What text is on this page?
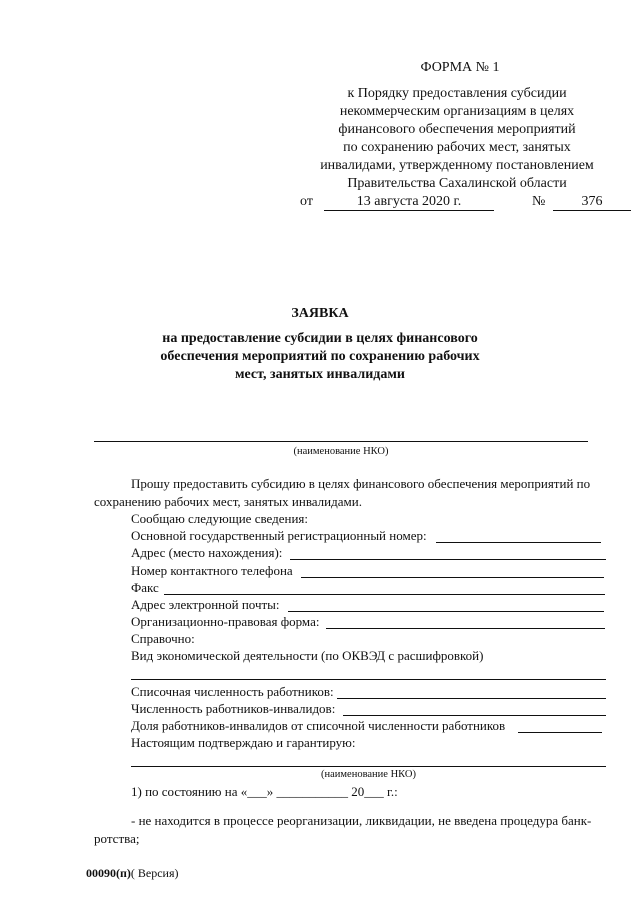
ФОРМА № 1
к Порядку предоставления субсидии
некоммерческим организациям в целях
финансового обеспечения мероприятий
по сохранению рабочих мест, занятых
инвалидами, утвержденному постановлением
Правительства Сахалинской области
от	13 августа 2020 г.	№	376
ЗАЯВКА
на предоставление субсидии в целях финансового
обеспечения мероприятий по сохранению рабочих
мест, занятых инвалидами
(наименование НКО)
Прошу предоставить субсидию в целях финансового обеспечения мероприятий по
сохранению рабочих мест, занятых инвалидами.
Сообщаю следующие сведения:
Основной государственный регистрационный номер:
Адрес (место нахождения):
Номер контактного телефона
Факс
Адрес электронной почты:
Организационно-правовая форма:
Справочно:
Вид экономической деятельности (по ОКВЭД с расшифровкой)
Списочная численность работников:
Численность работников-инвалидов:
Доля работников-инвалидов от списочной численности работников
Настоящим подтверждаю и гарантирую:
(наименование НКО)
1) по состоянию на «___» ___________ 20___ г.:
- не находится в процессе реорганизации, ликвидации, не введена процедура банк-
ротства;
00090(п)( Версия)
